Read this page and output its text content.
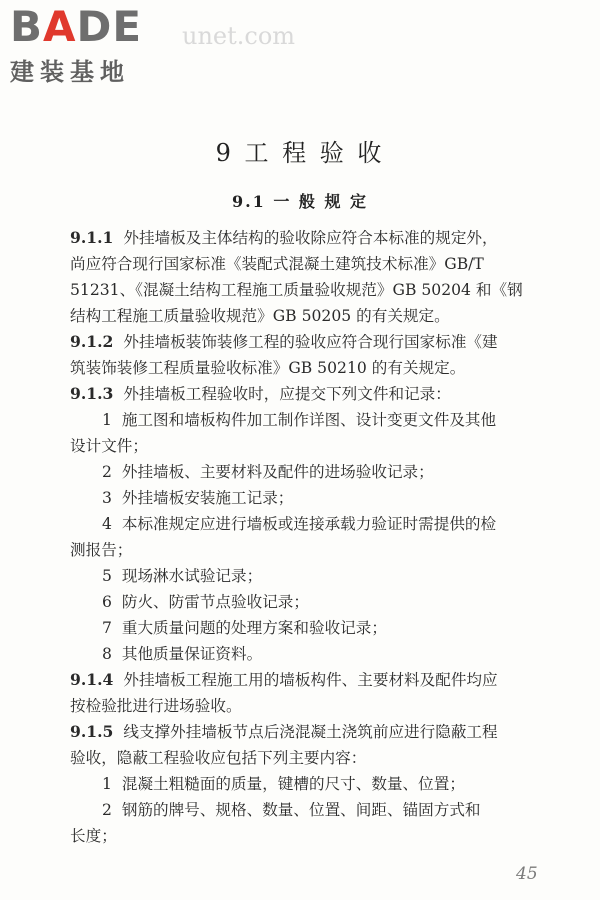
BADE
建装基地
unet.com
9 工 程 验 收
9.1 一 般 规 定
9.1.1 外挂墙板及主体结构的验收除应符合本标准的规定外，
尚应符合现行国家标准《装配式混凝土建筑技术标准》GB/T
51231、《混凝土结构工程施工质量验收规范》GB 50204 和《钢
结构工程施工质量验收规范》GB 50205 的有关规定。
9.1.2 外挂墙板装饰装修工程的验收应符合现行国家标准《建
筑装饰装修工程质量验收标准》GB 50210 的有关规定。
9.1.3 外挂墙板工程验收时，应提交下列文件和记录：
1 施工图和墙板构件加工制作详图、设计变更文件及其他
设计文件；
2 外挂墙板、主要材料及配件的进场验收记录；
3 外挂墙板安装施工记录；
4 本标准规定应进行墙板或连接承载力验证时需提供的检
测报告；
5 现场淋水试验记录；
6 防火、防雷节点验收记录；
7 重大质量问题的处理方案和验收记录；
8 其他质量保证资料。
9.1.4 外挂墙板工程施工用的墙板构件、主要材料及配件均应
按检验批进行进场验收。
9.1.5 线支撑外挂墙板节点后浇混凝土浇筑前应进行隐蔽工程
验收，隐蔽工程验收应包括下列主要内容：
1 混凝土粗糙面的质量，键槽的尺寸、数量、位置；
2 钢筋的牌号、规格、数量、位置、间距、锚固方式和
长度；
45
